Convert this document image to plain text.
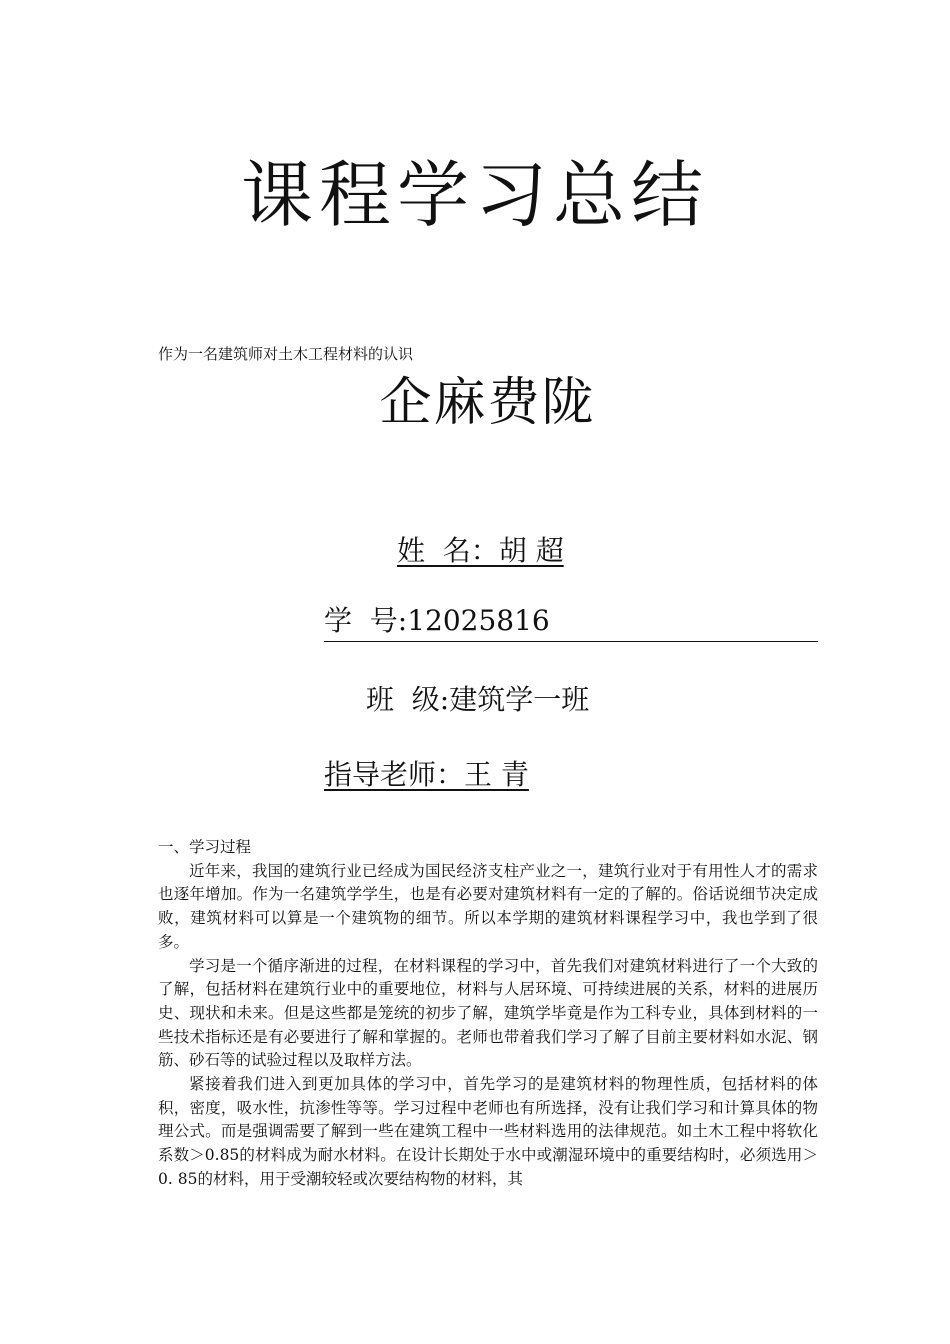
课程学习总结
作为一名建筑师对土木工程材料的认识
企麻费陇
姓  名：胡 超
学  号:12025816
班  级:建筑学一班
指导老师：王 青
一、学习过程

近年来，我国的建筑行业已经成为国民经济支柱产业之一，建筑行业对于有用性人才的需求也逐年增加。作为一名建筑学学生，也是有必要对建筑材料有一定的了解的。俗话说细节决定成败，建筑材料可以算是一个建筑物的细节。所以本学期的建筑材料课程学习中，我也学到了很多。

学习是一个循序渐进的过程，在材料课程的学习中，首先我们对建筑材料进行了一个大致的了解，包括材料在建筑行业中的重要地位，材料与人居环境、可持续进展的关系，材料的进展历史、现状和未来。但是这些都是笼统的初步了解，建筑学毕竟是作为工科专业，具体到材料的一些技术指标还是有必要进行了解和掌握的。老师也带着我们学习了解了目前主要材料如水泥、钢筋、砂石等的试验过程以及取样方法。

紧接着我们进入到更加具体的学习中，首先学习的是建筑材料的物理性质，包括材料的体积，密度，吸水性，抗渗性等等。学习过程中老师也有所选择，没有让我们学习和计算具体的物理公式。而是强调需要了解到一些在建筑工程中一些材料选用的法律规范。如土木工程中将软化系数＞0.85的材料成为耐水材料。在设计长期处于水中或潮湿环境中的重要结构时，必须选用＞0. 85的材料，用于受潮较轻或次要结构物的材料，其
